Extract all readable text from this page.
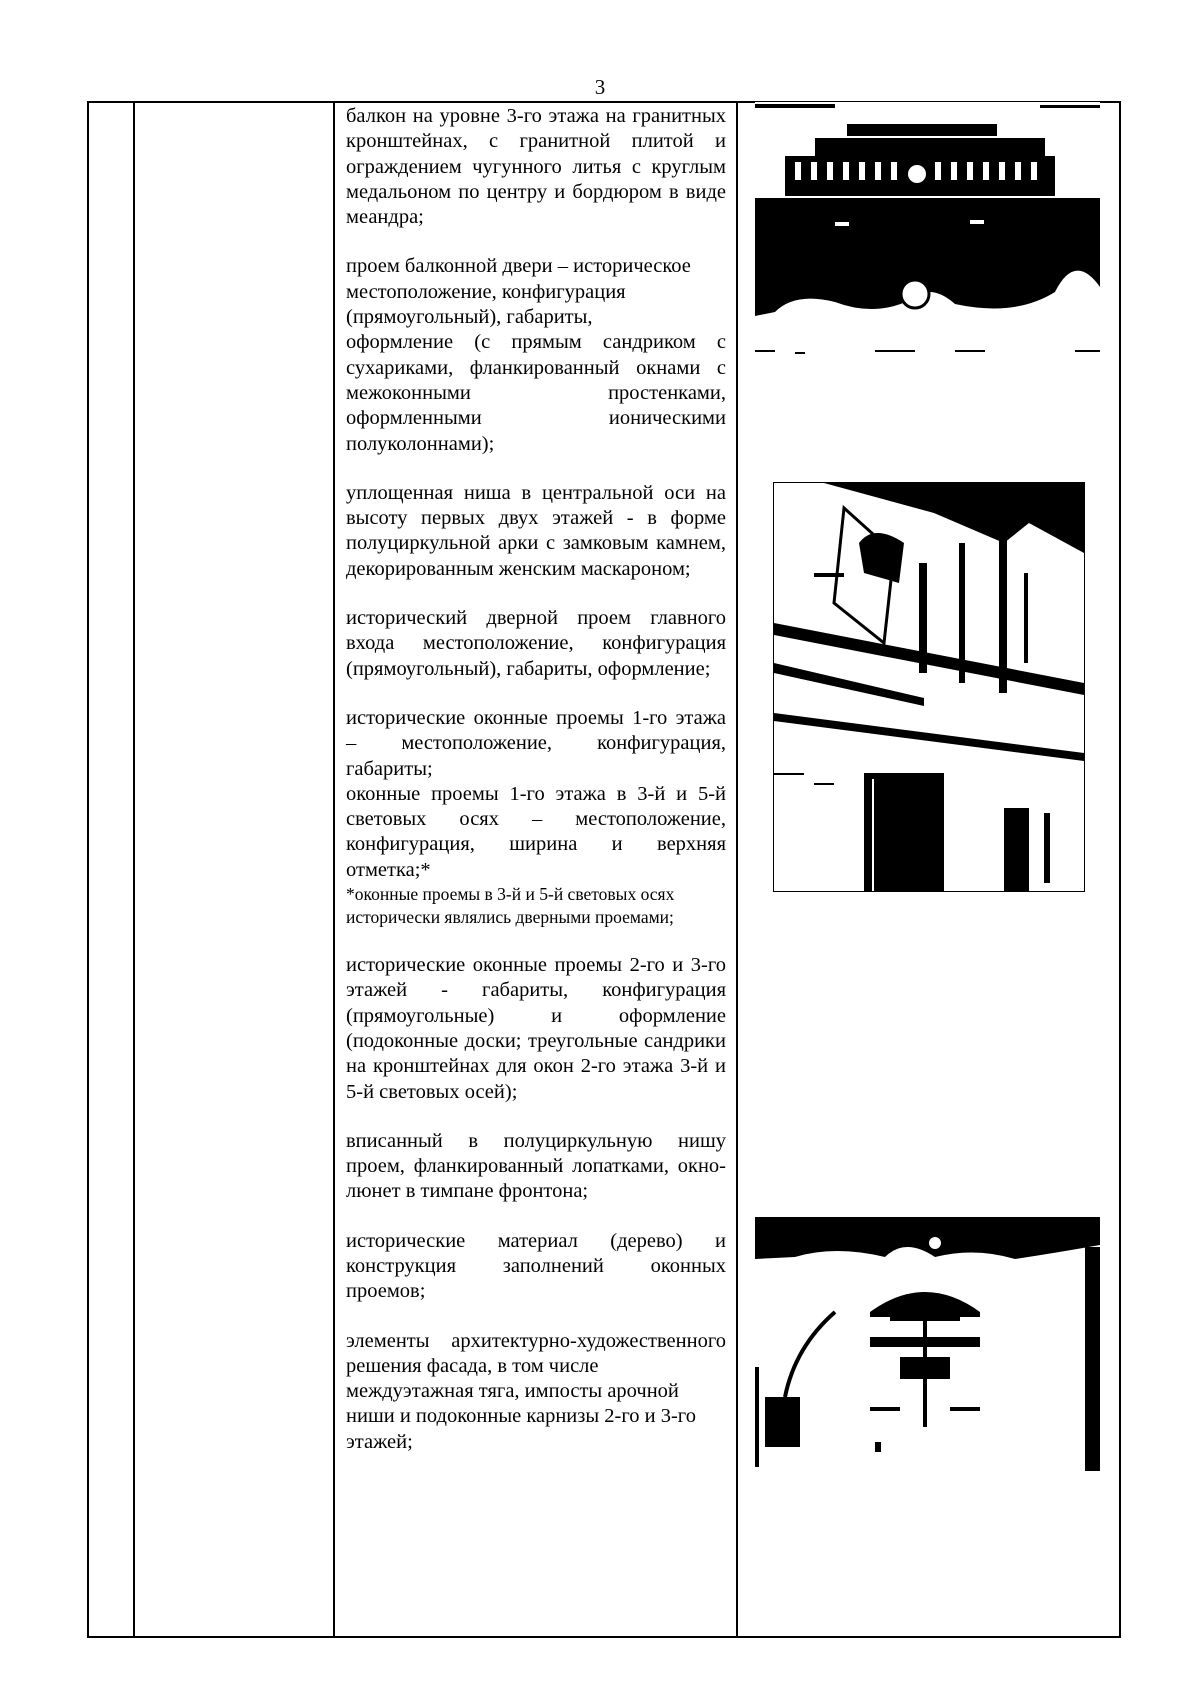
3

балкон на уровне 3-го этажа на гранитных кронштейнах, с гранитной плитой и ограждением чугунного литья с круглым медальоном по центру и бордюром в виде меандра;

проем балконной двери – историческое местоположение, конфигурация (прямоугольный), габариты,

оформление (с прямым сандриком с сухариками, фланкированный окнами с межоконными простенками, оформленными ионическими полуколоннами);

уплощенная ниша в центральной оси на высоту первых двух этажей - в форме полуциркульной арки с замковым камнем, декорированным женским маскароном;

исторический дверной проем главного входа местоположение, конфигурация (прямоугольный), габариты, оформление;

исторические оконные проемы 1-го этажа – местоположение, конфигурация, габариты;

оконные проемы 1-го этажа в 3-й и 5-й световых осях – местоположение, конфигурация, ширина и верхняя отметка;*

*оконные проемы в 3-й и 5-й световых осях исторически являлись дверными проемами;

исторические оконные проемы 2-го и 3-го этажей - габариты, конфигурация (прямоугольные) и оформление (подоконные доски; треугольные сандрики на кронштейнах для окон 2-го этажа 3-й и 5-й световых осей);

вписанный в полуциркульную нишу проем, фланкированный лопатками, окно-люнет в тимпане фронтона;

исторические материал (дерево) и конструкция заполнений оконных проемов;

элементы архитектурно-художественного решения фасада, в том числе

междуэтажная тяга, импосты арочной ниши и подоконные карнизы 2-го и 3-го этажей;
